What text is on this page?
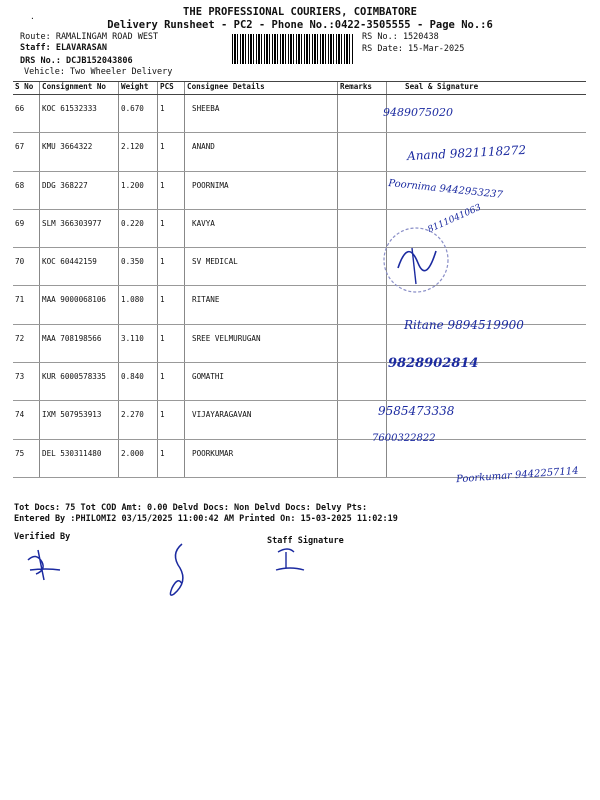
·
THE PROFESSIONAL COURIERS, COIMBATORE
Delivery Runsheet - PC2 - Phone No.:0422-3505555 - Page No.:6
Route: RAMALINGAM ROAD WEST
Staff: ELAVARASAN
DRS No.: DCJB152043806
Vehicle: Two Wheeler Delivery
RS No.: 1520438
RS Date: 15-Mar-2025
S No	Consignment No	Weight	PCS	Consignee Details	Remarks	Seal & Signature
66	KOC 61532333	0.670	1	SHEEBA		
67	KMU 3664322	2.120	1	ANAND		
68	DDG 368227	1.200	1	POORNIMA		
69	SLM 366303977	0.220	1	KAVYA		
70	KOC 60442159	0.350	1	SV MEDICAL		
71	MAA 9000068106	1.080	1	RITANE		
72	MAA 708198566	3.110	1	SREE VELMURUGAN		
73	KUR 6000578335	0.840	1	GOMATHI		
74	IXM 507953913	2.270	1	VIJAYARAGAVAN		
75	DEL 530311480	2.000	1	POORKUMAR		
9489075020
Anand 9821118272
Poornima 9442953237
8111041063
Ritane 9894519900
9828902814
9585473338
7600322822
Poorkumar 9442257114
Tot Docs: 75 Tot COD Amt: 0.00 Delvd Docs: Non Delvd Docs: Delvy Pts:
Entered By :PHILOMI2 03/15/2025 11:00:42 AM Printed On: 15-03-2025 11:02:19
Verified By	Staff Signature
